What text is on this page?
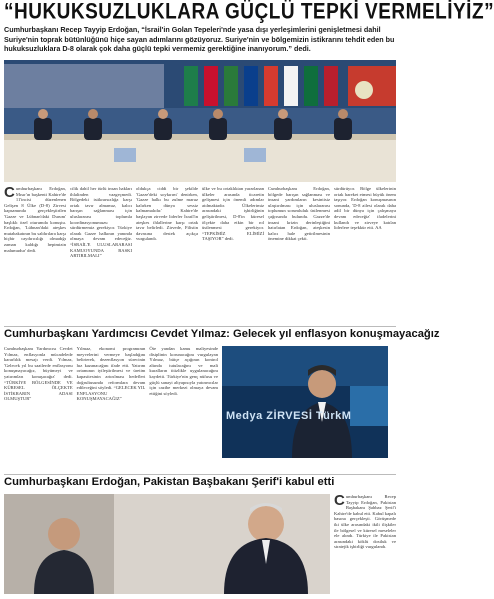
“HUKUKSUZLUKLARA GÜÇLÜ TEPKİ VERMELİYİZ”
Cumhurbaşkanı Recep Tayyip Erdoğan, “İsrail'in Golan Tepeleri'nde yasa dışı yerleşimlerini genişletmesi dahil Suriye'nin toprak bütünlüğünü hiçe sayan adımlarını gözüyoruz. Suriye'nin ve bölgemizin istikrarını tehdit eden bu hukuksuzluklara D-8 olarak çok daha güçlü tepki vermemiz gerektiğine inanıyorum.” dedi.
Cumhurbaşkanı Erdoğan, Mısır'ın başkenti Kahire'de 11'incisi düzenlenen Gelişen 8 Ülke (D-8) Zirvesi kapsamında gerçekleştirilen 'Gazze ve Lübnan'daki Durum' başlıklı özel oturumda konuştu. Erdoğan, 'Lübnan'daki ateşkes mutabakatının bu saldırılara karşı hiçbir caydırıcılığı olmadığı zaman kaldığı hepimizin malumudur' dedi.
cilik dahil her türlü insan hakları ihlalinden vazgeçmedi. Bölgedeki istikrarsızlığa karşı ortak tavır almamız, kalıcı barışın sağlanması için uluslararası toplumla koordinasyonumuzu sürdürmemiz gerekiyor. Türkiye olarak Gazze halkının yanında olmaya devam edeceğiz. “İSRAİL'E ULUSLARARASI KAMUOYUNDA BASKI ARTIRILMALI”
oldukça ciddi bir şekilde 'Gazze'deki soykırım' denirken, 'Gazze halkı bu zulme maruz kalırken dünya sessiz kalmamalıdır.' Kahire'de başlayan zirvede liderler İsrail'in ateşkes ihlallerine karşı ortak tavır belirledi. Zirvede, Filistin davasına destek açıkça vurgulandı.
ülke ve bu ortaklıktan yararlanan ülkeler arasında ticaretin gelişmesi için önemli adımlar atılmaktadır. Ülkelerimiz arasındaki işbirliğinin geliştirilmesi, D-8'in küresel ölçekte daha etkin bir rol üstlenmesi gerekiyor. “TEPKİMİZ ELİMİZİ TAŞIYOR” dedi.
Cumhurbaşkanı Erdoğan, bölgede barışın sağlanması ve insani yardımların kesintisiz ulaştırılması için uluslararası toplumun sorumluluk üstlenmesi çağrısında bulundu. Gazze'de insani krizin derinleştiğini hatırlatan Erdoğan, ateşkesin kalıcı hale getirilmesinin önemine dikkat çekti.
sürdürüyor. Bölge ülkelerinin ortak hareket etmesi büyük önem taşıyor. Erdoğan konuşmasının sonunda, 'D-8 ailesi olarak daha adil bir dünya için çalışmaya devam edeceğiz' ifadelerini kullandı ve zirveye katılan liderlere teşekkür etti. AA
Cumhurbaşkanı Yardımcısı Cevdet Yılmaz: Gelecek yıl enflasyon konuşmayacağız
Cumhurbaşkanı Yardımcısı Cevdet Yılmaz, enflasyonla mücadelede kararlılık mesajı verdi. Yılmaz, 'Gelecek yıl bu saatlerde enflasyonu konuşmayacağız, büyümeyi ve yatırımları konuşacağız' dedi. “TÜRKİYE BÖLGESİNDE VE KÜRESEL ÖLÇEKTE İSTİKRARIN ADASI OLMUŞTUR”
Yılmaz, ekonomi programının meyvelerini vermeye başladığını belirterek, dezenflasyon sürecinin hız kazanacağını ifade etti. Yatırım ortamının iyileştirilmesi ve üretim kapasitesinin artırılması hedefleri doğrultusunda reformlara devam edileceğini söyledi. “GELECEK YIL ENFLASYONU KONUŞMAYACAĞIZ”
Öte yandan kamu maliyesinde disiplinin korunacağını vurgulayan Yılmaz, bütçe açığının kontrol altında tutulacağını ve mali kuralların titizlikle uygulanacağını kaydetti. Türkiye'nin genç nüfusu ve güçlü sanayi altyapısıyla yatırımcılar için cazibe merkezi olmaya devam ettiğini söyledi.
Medya ZİRVESİ TürkM
Cumhurbaşkanı Erdoğan, Pakistan Başbakanı Şerif'i kabul etti
Cumhurbaşkanı Recep Tayyip Erdoğan, Pakistan Başbakanı Şahbaz Şerif'i Kahire'de kabul etti. Kabul kapalı basına gerçekleşti. Görüşmede iki ülke arasındaki ikili ilişkiler ile bölgesel ve küresel meseleler ele alındı. Türkiye ile Pakistan arasındaki köklü dostluk ve stratejik işbirliği vurgulandı.
